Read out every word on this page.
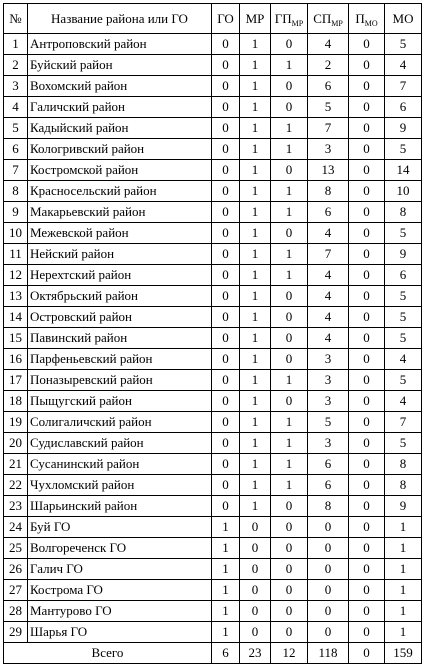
№	Название района или ГО	ГО	МР	$ГП_{МР}$	$СП_{МР}$	$П_{МО}$	МО
1	Антроповский район	0	1	0	4	0	5
2	Буйский район	0	1	1	2	0	4
3	Вохомский район	0	1	0	6	0	7
4	Галичский район	0	1	0	5	0	6
5	Кадыйский район	0	1	1	7	0	9
6	Кологривский район	0	1	1	3	0	5
7	Костромской район	0	1	0	13	0	14
8	Красносельский район	0	1	1	8	0	10
9	Макарьевский район	0	1	1	6	0	8
10	Межевской район	0	1	0	4	0	5
11	Нейский район	0	1	1	7	0	9
12	Нерехтский район	0	1	1	4	0	6
13	Октябрьский район	0	1	0	4	0	5
14	Островский район	0	1	0	4	0	5
15	Павинский район	0	1	0	4	0	5
16	Парфеньевский район	0	1	0	3	0	4
17	Поназыревский район	0	1	1	3	0	5
18	Пыщугский район	0	1	0	3	0	4
19	Солигаличский район	0	1	1	5	0	7
20	Судиславский район	0	1	1	3	0	5
21	Сусанинский район	0	1	1	6	0	8
22	Чухломский район	0	1	1	6	0	8
23	Шарьинский район	0	1	0	8	0	9
24	Буй ГО	1	0	0	0	0	1
25	Волгореченск ГО	1	0	0	0	0	1
26	Галич ГО	1	0	0	0	0	1
27	Кострома ГО	1	0	0	0	0	1
28	Мантурово ГО	1	0	0	0	0	1
29	Шарья ГО	1	0	0	0	0	1
Всего		6	23	12	118	0	159
